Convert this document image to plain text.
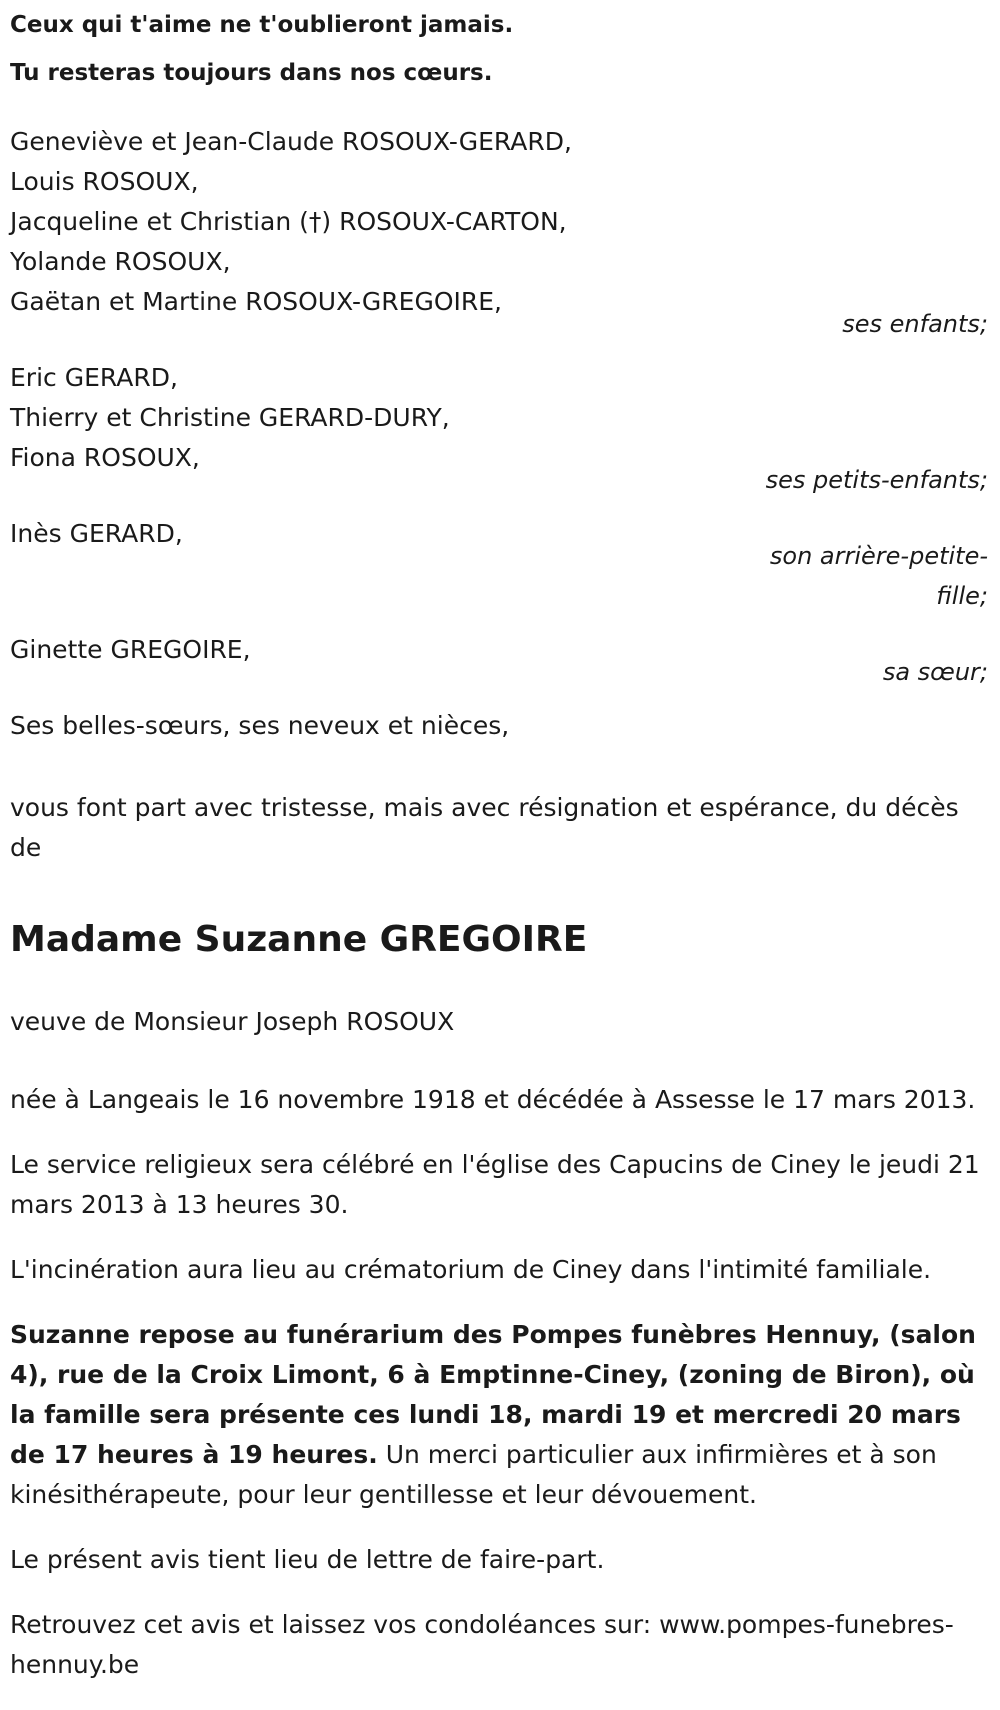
Ceux qui t'aime ne t'oublieront jamais.

Tu resteras toujours dans nos cœurs.

Geneviève et Jean-Claude ROSOUX-GERARD,
Louis ROSOUX,
Jacqueline et Christian (†) ROSOUX-CARTON,
Yolande ROSOUX,
Gaëtan et Martine ROSOUX-GREGOIRE,
ses enfants;
Eric GERARD,
Thierry et Christine GERARD-DURY,
Fiona ROSOUX,
ses petits-enfants;
Inès GERARD,
son arrière-petite-fille;
Ginette GREGOIRE,
sa sœur;
Ses belles-sœurs, ses neveux et nièces,

vous font part avec tristesse, mais avec résignation et espérance, du décès de

Madame Suzanne GREGOIRE

veuve de Monsieur Joseph ROSOUX

née à Langeais le 16 novembre 1918 et décédée à Assesse le 17 mars 2013.

Le service religieux sera célébré en l'église des Capucins de Ciney le jeudi 21 mars 2013 à 13 heures 30.

L'incinération aura lieu au crématorium de Ciney dans l'intimité familiale.

Suzanne repose au funérarium des Pompes funèbres Hennuy, (salon 4), rue de la Croix Limont, 6 à Emptinne-Ciney, (zoning de Biron), où la famille sera présente ces lundi 18, mardi 19 et mercredi 20 mars de 17 heures à 19 heures. Un merci particulier aux infirmières et à son kinésithérapeute, pour leur gentillesse et leur dévouement.

Le présent avis tient lieu de lettre de faire-part.

Retrouvez cet avis et laissez vos condoléances sur: www.pompes-funebres-hennuy.be
